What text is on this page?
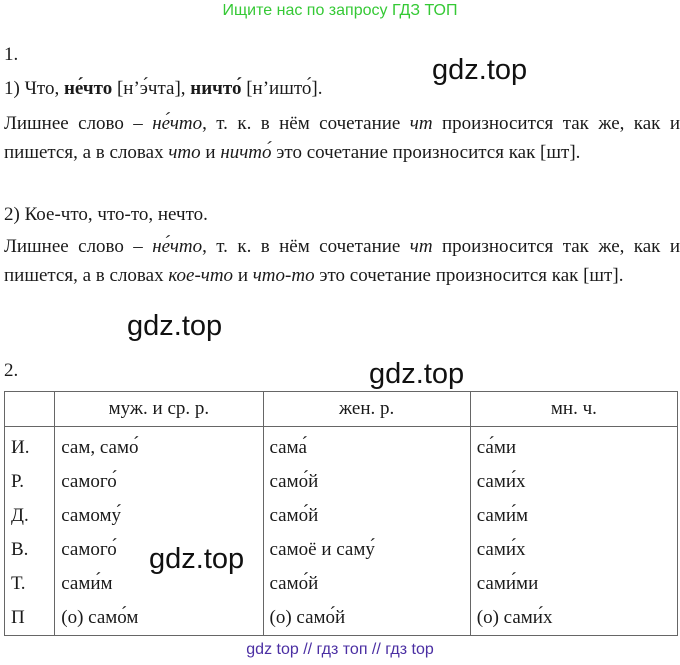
Ищите нас по запросу ГДЗ ТОП
gdz.top
gdz.top
gdz.top
gdz.top
1.
1) Что, не́что [н’э́чта], ничто́ [н’ишто́].
Лишнее слово – не́что, т. к. в нём сочетание чт произносится так же, как и пишется, а в словах что и ничто́ это сочетание произносится как [шт].
2) Кое-что, что-то, нечто.
Лишнее слово – не́что, т. к. в нём сочетание чт произносится так же, как и пишется, а в словах кое-что и что-то это сочетание произносится как [шт].
2.
	муж. и ср. р.	жен. р.	мн. ч.
И.	сам, само́	сама́	са́ми
Р.	самого́	само́й	сами́х
Д.	самому́	само́й	сами́м
В.	самого́	самоё и саму́	сами́х
Т.	сами́м	само́й	сами́ми
П	(о) само́м	(о) само́й	(о) сами́х
gdz top // гдз топ // гдз top
